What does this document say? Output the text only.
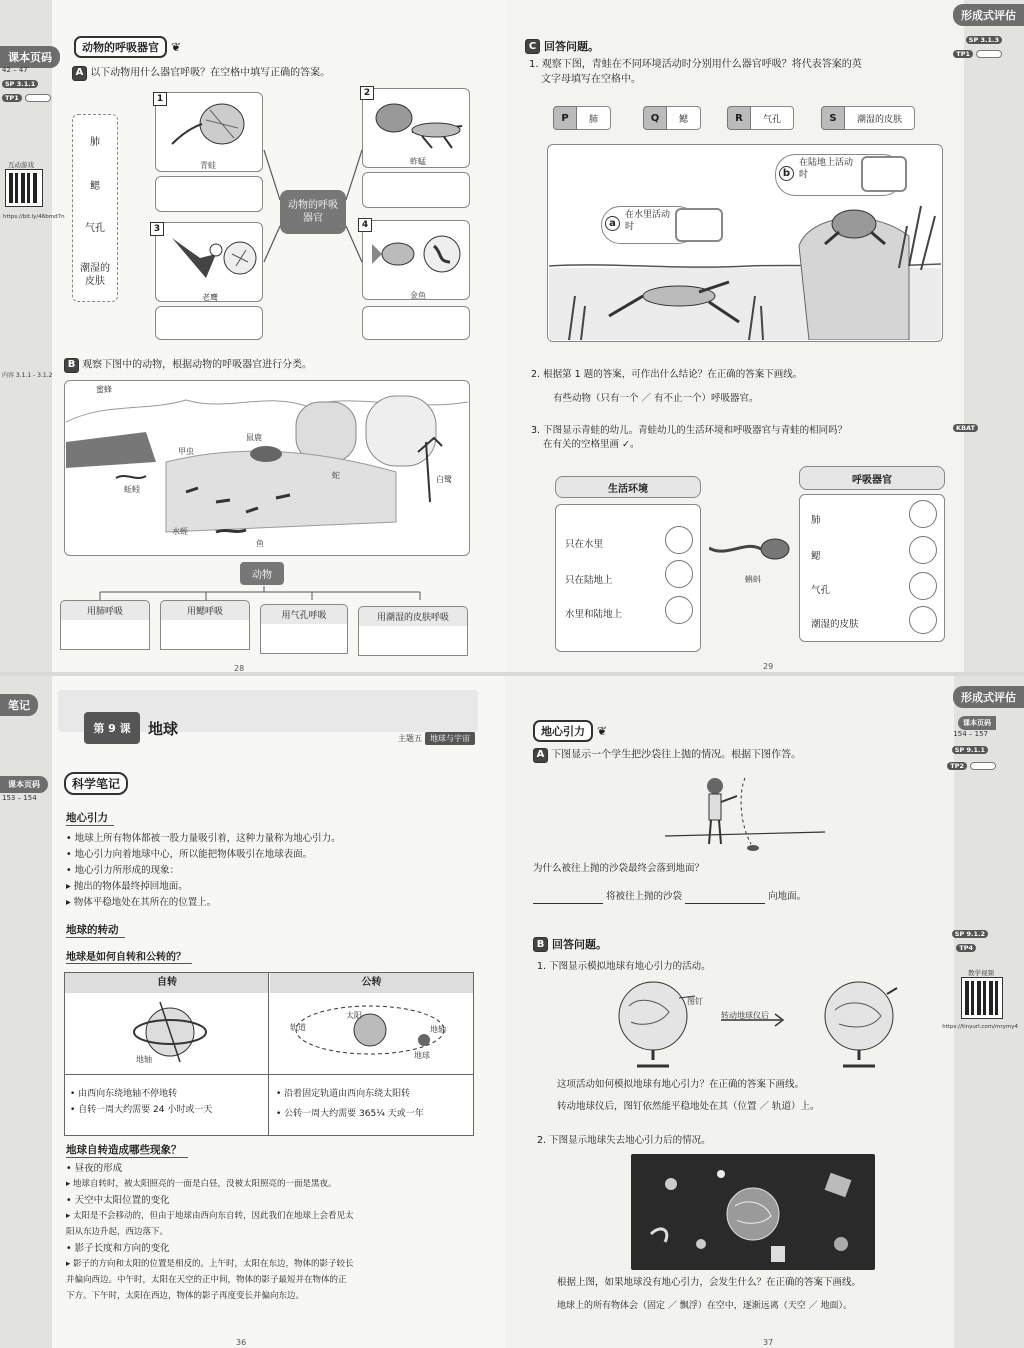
课本页码
42 – 47
SP 3.1.1
TP1
互动游戏
https://bit.ly/46bmd7n
内容 3.1.1 - 3.1.2
动物的呼吸器官	❦
A 以下动物用什么器官呼吸？在空格中填写正确的答案。
肺
鳃
气孔
潮湿的皮肤
1
青蛙
2
蚱蜢
3
老鹰
4
金鱼
动物的呼吸器官
B 观察下图中的动物，根据动物的呼吸器官进行分类。
蜜蜂
甲虫
蚯蚓
鼠鹿
蛇	白鹭
水蛭
鱼
动物
用肺呼吸	用鳃呼吸	用气孔呼吸	用潮湿的皮肤呼吸
28
形成式评估
SP 3.1.3
TP1
KBAT
C 回答问题。
1. 观察下图，青蛙在不同环境活动时分别用什么器官呼吸？将代表答案的英
文字母填写在空格中。
P	肺	Q	鳃	R	气孔	S	潮湿的皮肤
a
在水里活动时
b
在陆地上活动时
2. 根据第 1 题的答案，可作出什么结论？在正确的答案下画线。
有些动物（只有一个 ／ 有不止一个）呼吸器官。
3. 下图显示青蛙的幼儿。青蛙幼儿的生活环境和呼吸器官与青蛙的相同吗？
在有关的空格里画 ✓。
生活环境
只在水里
只在陆地上
水里和陆地上
蝌蚪
呼吸器官
肺
鳃
气孔
潮湿的皮肤
29
笔记
课本页码
153 – 154
第 9 课	地球
主题五	地球与宇宙
科学笔记
地心引力
• 地球上所有物体都被一股力量吸引着，这种力量称为地心引力。
• 地心引力向着地球中心，所以能把物体吸引在地球表面。
• 地心引力所形成的现象：
▸ 抛出的物体最终掉回地面。
▸ 物体平稳地处在其所在的位置上。
地球的转动
地球是如何自转和公转的？
自转	公转
地轴
太阳
轨道	地轴
地球
• 由西向东绕地轴不停地转
• 自转一周大约需要 24 小时或一天
• 沿着固定轨道由西向东绕太阳转
• 公转一周大约需要 365¼ 天或一年
地球自转造成哪些现象？
• 昼夜的形成
▸ 地球自转时，被太阳照亮的一面是白昼，没被太阳照亮的一面是黑夜。
• 天空中太阳位置的变化
▸ 太阳是不会移动的，但由于地球由西向东自转，因此我们在地球上会看见太
阳从东边升起，西边落下。
• 影子长度和方向的变化
▸ 影子的方向和太阳的位置是相反的。上午时，太阳在东边，物体的影子较长
并偏向西边。中午时，太阳在天空的正中间，物体的影子最短并在物体的正
下方。下午时，太阳在西边，物体的影子再度变长并偏向东边。
36
形成式评估
课本页码
154 – 157
SP 9.1.1
TP2
SP 9.1.2
TP4
教学视频
https://tinyurl.com/mrymy4
地心引力	❦
A 下图显示一个学生把沙袋往上抛的情况。根据下图作答。
为什么被往上抛的沙袋最终会落到地面？
将被往上抛的沙袋	向地面。
B 回答问题。
1. 下图显示模拟地球有地心引力的活动。
图钉
转动地球仪后
这项活动如何模拟地球有地心引力？在正确的答案下画线。
转动地球仪后，图钉依然能平稳地处在其（位置 ／ 轨道）上。
2. 下图显示地球失去地心引力后的情况。
根据上图，如果地球没有地心引力，会发生什么？在正确的答案下画线。
地球上的所有物体会（固定 ／ 飘浮）在空中，逐渐远离（天空 ／ 地面）。
37
